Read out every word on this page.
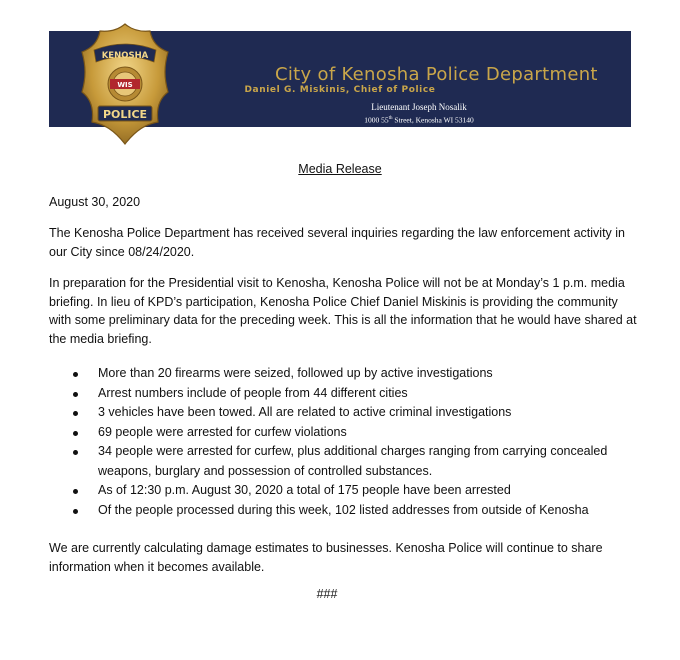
City of Kenosha Police Department
Daniel G. Miskinis, Chief of Police
Lieutenant Joseph Nosalik
1000 55th Street, Kenosha WI 53140
Phone: 262-605-5238     Fax: 262-605-5248
Email: jnosalik@kenosha.org
www.kenosha.org
KENOSHA
WIS
POLICE
Media Release

August 30, 2020

The Kenosha Police Department has received several inquiries regarding the law enforcement activity in our City since 08/24/2020.

In preparation for the Presidential visit to Kenosha, Kenosha Police will not be at Monday’s 1 p.m. media briefing. In lieu of KPD’s participation, Kenosha Police Chief Daniel Miskinis is providing the community with some preliminary data for the preceding week. This is all the information that he would have shared at the media briefing.

More than 20 firearms were seized, followed up by active investigations
Arrest numbers include of people from 44 different cities
3 vehicles have been towed. All are related to active criminal investigations
69 people were arrested for curfew violations
34 people were arrested for curfew, plus additional charges ranging from carrying concealed weapons, burglary and possession of controlled substances.
As of 12:30 p.m. August 30, 2020 a total of 175 people have been arrested
Of the people processed during this week, 102 listed addresses from outside of Kenosha

We are currently calculating damage estimates to businesses. Kenosha Police will continue to share information when it becomes available.

###
